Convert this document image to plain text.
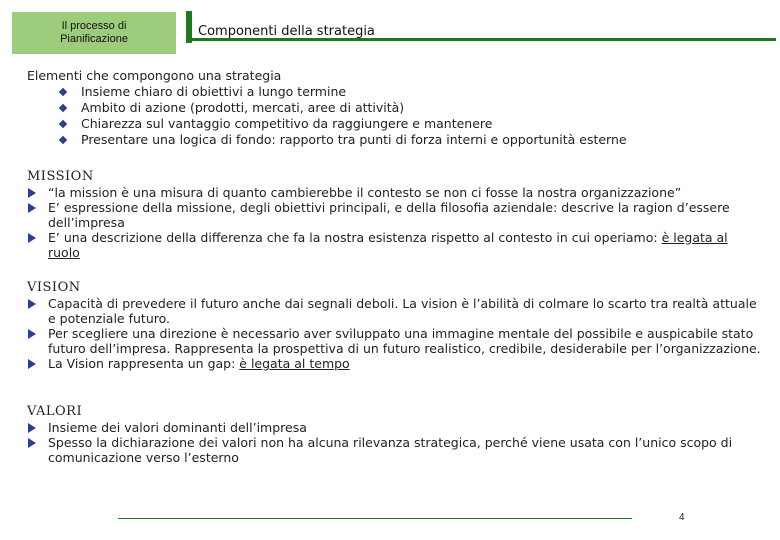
Il processo di
Pianificazione	Componenti della strategia
Elementi che compongono una strategia
Insieme chiaro di obiettivi a lungo termine
Ambito di azione (prodotti, mercati, aree di attività)
Chiarezza sul vantaggio competitivo da raggiungere e mantenere
Presentare una logica di fondo: rapporto tra punti di forza interni e opportunità esterne
MISSION
“la mission è una misura di quanto cambierebbe il contesto se non ci fosse la nostra organizzazione”
E’ espressione della missione, degli obiettivi principali, e della filosofia aziendale: descrive la ragion d’essere dell’impresa
E’ una descrizione della differenza che fa la nostra esistenza rispetto al contesto in cui operiamo: è legata al ruolo
VISION
Capacità di prevedere il futuro anche dai segnali deboli. La vision è l’abilità di colmare lo scarto tra realtà attuale e potenziale futuro.
Per scegliere una direzione è necessario aver sviluppato una immagine mentale del possibile e auspicabile stato futuro dell’impresa. Rappresenta la prospettiva di un futuro realistico, credibile, desiderabile per l’organizzazione.
La Vision rappresenta un gap: è legata al tempo
VALORI
Insieme dei valori dominanti dell’impresa
Spesso la dichiarazione dei valori non ha alcuna rilevanza strategica, perché viene usata con l’unico scopo di comunicazione verso l’esterno
4
